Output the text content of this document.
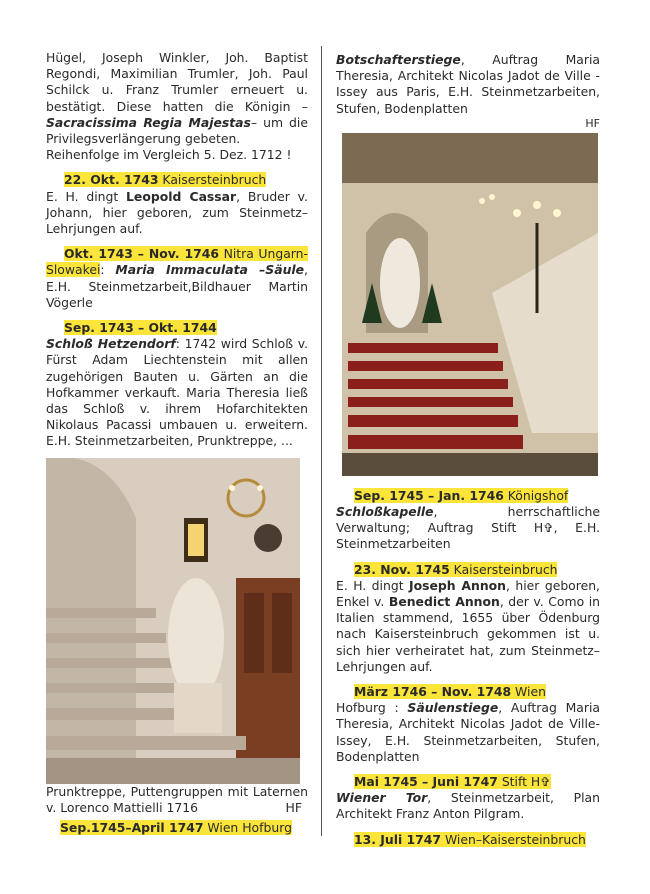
Hügel, Joseph Winkler, Joh. Baptist Regondi, Maximilian Trumler, Joh. Paul Schilck u. Franz Trumler erneuert u. bestätigt. Diese hatten die Königin – Sacracissima Regia Majestas– um die Privilegsverlängerung gebeten.

Reihenfolge im Vergleich 5. Dez. 1712 !

22. Okt. 1743 Kaisersteinbruch

E. H. dingt Leopold Cassar, Bruder v. Johann, hier geboren, zum Steinmetz–Lehrjungen auf.

Okt. 1743 – Nov. 1746 Nitra Ungarn-Slowakei: Maria Immaculata –Säule, E.H. Steinmetzarbeit,Bildhauer Martin Vögerle

Sep. 1743 – Okt. 1744

Schloß Hetzendorf: 1742 wird Schloß v. Fürst Adam Liechtenstein mit allen zugehörigen Bauten u. Gärten an die Hofkammer verkauft. Maria Theresia ließ das Schloß v. ihrem Hofarchitekten Nikolaus Pacassi umbauen u. erweitern. E.H. Steinmetzarbeiten, Prunktreppe, ...

Prunktreppe, Puttengruppen mit Laternen v. Lorenco Mattielli 1716	HF

Sep.1745–April 1747 Wien Hofburg

Botschafterstiege, Auftrag Maria Theresia, Architekt Nicolas Jadot de Ville - Issey aus Paris, E.H. Steinmetzarbeiten, Stufen, Bodenplatten

HF

Sep. 1745 – Jan. 1746 Königshof

Schloßkapelle, herrschaftliche Verwaltung; Auftrag Stift H✞, E.H. Steinmetzarbeiten

23. Nov. 1745 Kaisersteinbruch

E. H. dingt Joseph Annon, hier geboren, Enkel v. Benedict Annon, der v. Como in Italien stammend, 1655 über Ödenburg nach Kaisersteinbruch gekommen ist u. sich hier verheiratet hat, zum Steinmetz–Lehrjungen auf.

März 1746 – Nov. 1748 Wien

Hofburg : Säulenstiege, Auftrag Maria Theresia, Architekt Nicolas Jadot de Ville-Issey, E.H. Steinmetzarbeiten, Stufen, Bodenplatten

Mai 1745 – Juni 1747 Stift H✞

Wiener Tor, Steinmetzarbeit, Plan Architekt Franz Anton Pilgram.

13. Juli 1747 Wien–Kaisersteinbruch
